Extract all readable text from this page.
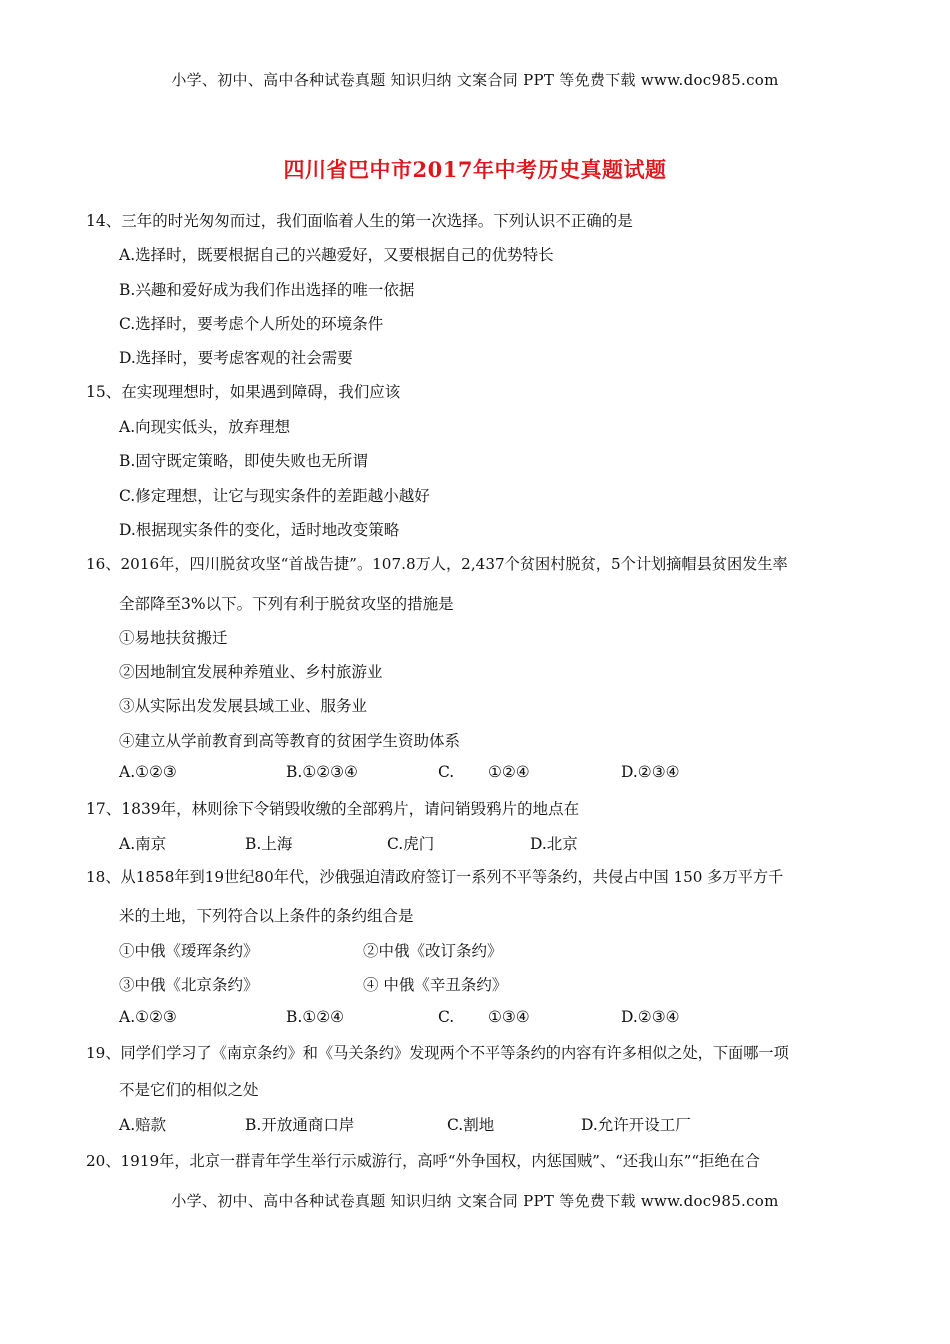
小学、初中、高中各种试卷真题 知识归纳 文案合同 PPT 等免费下载 www.doc985.com
四川省巴中市2017年中考历史真题试题
14、三年的时光匆匆而过，我们面临着人生的第一次选择。下列认识不正确的是
A.选择时，既要根据自己的兴趣爱好，又要根据自己的优势特长
B.兴趣和爱好成为我们作出选择的唯一依据
C.选择时，要考虑个人所处的环境条件
D.选择时，要考虑客观的社会需要
15、在实现理想时，如果遇到障碍，我们应该
A.向现实低头，放弃理想
B.固守既定策略，即使失败也无所谓
C.修定理想，让它与现实条件的差距越小越好
D.根据现实条件的变化，适时地改变策略
16、2016年，四川脱贫攻坚“首战告捷”。107.8万人，2,437个贫困村脱贫，5个计划摘帽县贫困发生率
全部降至3%以下。下列有利于脱贫攻坚的措施是
①易地扶贫搬迁
②因地制宜发展种养殖业、乡村旅游业
③从实际出发发展县域工业、服务业
④建立从学前教育到高等教育的贫困学生资助体系
A.①②③	B.①②③④	C. ①②④	D.②③④
17、1839年，林则徐下令销毁收缴的全部鸦片，请问销毁鸦片的地点在
A.南京	B.上海	C.虎门	D.北京
18、从1858年到19世纪80年代，沙俄强迫清政府签订一系列不平等条约，共侵占中国 150 多万平方千
米的土地，下列符合以上条件的条约组合是
①中俄《瑷珲条约》	②中俄《改订条约》
③中俄《北京条约》	④ 中俄《辛丑条约》
A.①②③	B.①②④	C. ①③④	D.②③④
19、同学们学习了《南京条约》和《马关条约》发现两个不平等条约的内容有许多相似之处，下面哪一项
不是它们的相似之处
A.赔款	B.开放通商口岸	C.割地	D.允许开设工厂
20、1919年，北京一群青年学生举行示威游行，高呼“外争国权，内惩国贼”、“还我山东”“拒绝在合
小学、初中、高中各种试卷真题 知识归纳 文案合同 PPT 等免费下载 www.doc985.com
